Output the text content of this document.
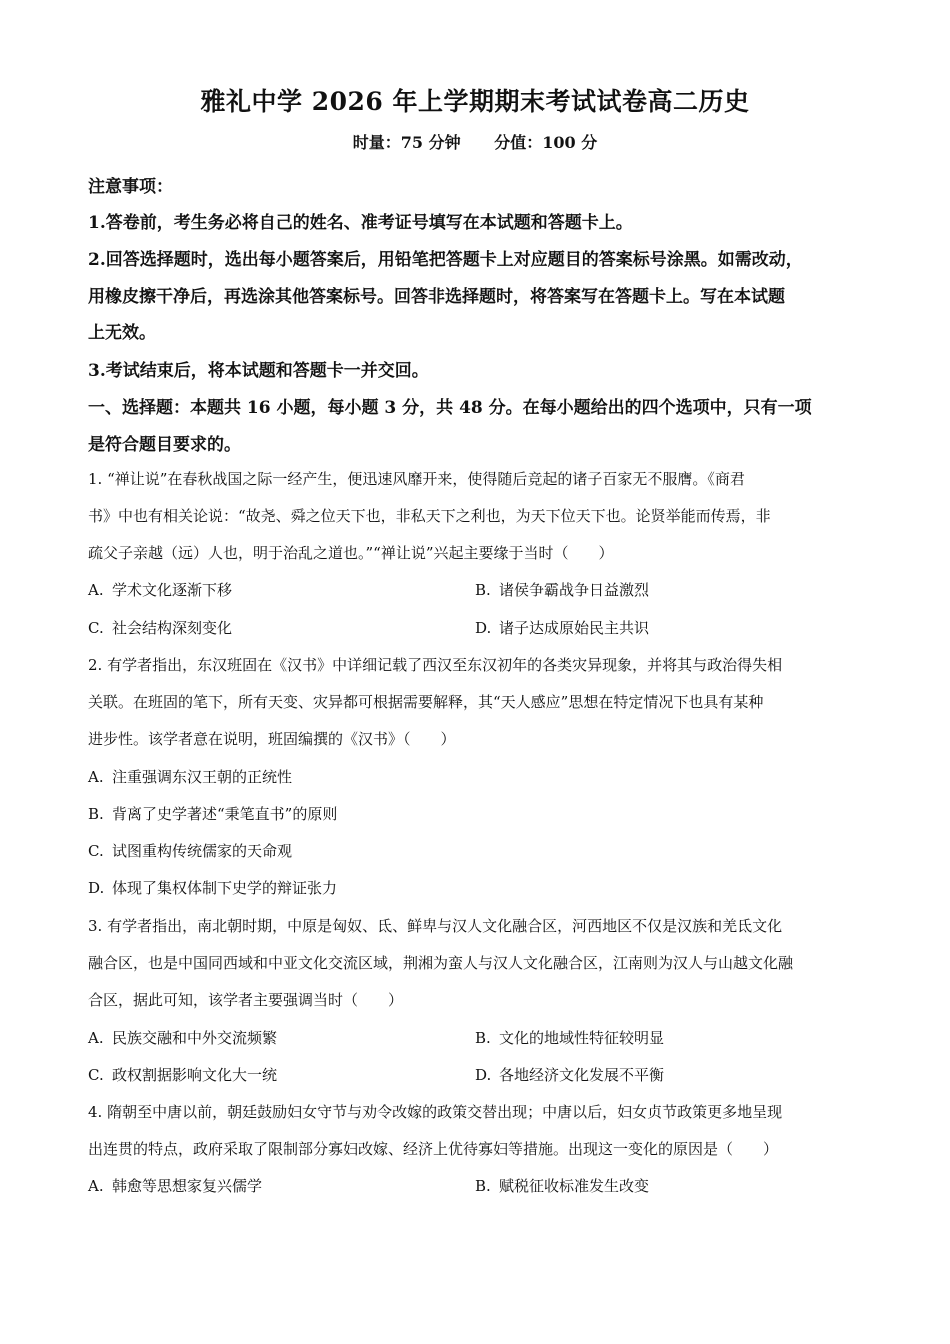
雅礼中学 2026 年上学期期末考试试卷高二历史
时量：75 分钟 分值：100 分
注意事项：
1.答卷前，考生务必将自己的姓名、准考证号填写在本试题和答题卡上。
2.回答选择题时，选出每小题答案后，用铅笔把答题卡上对应题目的答案标号涂黑。如需改动，
用橡皮擦干净后，再选涂其他答案标号。回答非选择题时，将答案写在答题卡上。写在本试题
上无效。
3.考试结束后，将本试题和答题卡一并交回。
一、选择题：本题共 16 小题，每小题 3 分，共 48 分。在每小题给出的四个选项中，只有一项
是符合题目要求的。
1. “禅让说”在春秋战国之际一经产生，便迅速风靡开来，使得随后竞起的诸子百家无不服膺。《商君
书》中也有相关论说：“故尧、舜之位天下也，非私天下之利也，为天下位天下也。论贤举能而传焉，非
疏父子亲越（远）人也，明于治乱之道也。”“禅让说”兴起主要缘于当时（　　）
A. 学术文化逐渐下移	B. 诸侯争霸战争日益激烈
C. 社会结构深刻变化	D. 诸子达成原始民主共识
2. 有学者指出，东汉班固在《汉书》中详细记载了西汉至东汉初年的各类灾异现象，并将其与政治得失相
关联。在班固的笔下，所有天变、灾异都可根据需要解释，其“天人感应”思想在特定情况下也具有某种
进步性。该学者意在说明，班固编撰的《汉书》（　　）
A. 注重强调东汉王朝的正统性
B. 背离了史学著述“秉笔直书”的原则
C. 试图重构传统儒家的天命观
D. 体现了集权体制下史学的辩证张力
3. 有学者指出，南北朝时期，中原是匈奴、氐、鲜卑与汉人文化融合区，河西地区不仅是汉族和羌氐文化
融合区，也是中国同西域和中亚文化交流区域，荆湘为蛮人与汉人文化融合区，江南则为汉人与山越文化融
合区，据此可知，该学者主要强调当时（　　）
A. 民族交融和中外交流频繁	B. 文化的地域性特征较明显
C. 政权割据影响文化大一统	D. 各地经济文化发展不平衡
4. 隋朝至中唐以前，朝廷鼓励妇女守节与劝令改嫁的政策交替出现；中唐以后，妇女贞节政策更多地呈现
出连贯的特点，政府采取了限制部分寡妇改嫁、经济上优待寡妇等措施。出现这一变化的原因是（　　）
A. 韩愈等思想家复兴儒学	B. 赋税征收标准发生改变
